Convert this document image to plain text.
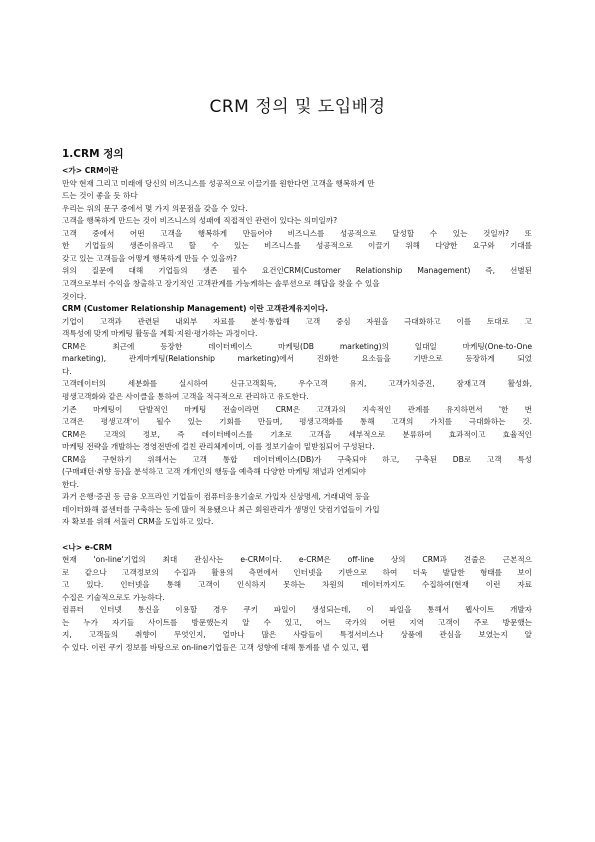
CRM 정의 및 도입배경
1.CRM 정의
<가> CRM이란
만약 현재 그리고 미래에 당신의 비즈니스를 성공적으로 이끌기를 원한다면 고객을 행복하게 만
드는 것이 좋을 듯 하다
우리는 위의 문구 중에서 몇 가지 의문점을 갖을 수 있다.
고객을 행복하게 만드는 것이 비즈니스의 성패에 직접적인 관련이 있다는 의미일까?
고객 중에서 어떤 고객을 행복하게 만들어야 비즈니스를 성공적으로 달성할 수 있는 것일까? 또
한 기업들의 생존이유라고 할 수 있는 비즈니스를 성공적으로 이끌기 위해 다양한 요구와 기대를
갖고 있는 고객들을 어떻게 행복하게 만들 수 있을까?
위의 질문에 대해 기업들의 생존 필수 요건인CRM(Customer Relationship Management) 즉, 선별된
고객으로부터 수익을 창출하고 장기적인 고객관계를 가능케하는 솔루션으로 해답을 찾을 수 있을
것이다.
CRM (Customer Relationship Management) 이란 고객관계유지이다.
기업이 고객과 관련된 내외부 자료를 분석·통합해 고객 중심 자원을 극대화하고 이를 토대로 고
객특성에 맞게 마케팅 활동을 계획·지원·평가하는 과정이다.
CRM은 최근에 등장한 데이터베이스 마케팅(DB marketing)의 일대일 마케팅(One-to-One
marketing), 관계마케팅(Relationship marketing)에서 진화한 요소들을 기반으로 등장하게 되었
다.
고객데이터의 세분화를 실시하여 신규고객획득, 우수고객 유지, 고객가치증진, 잠재고객 활성화,
평생고객화와 같은 사이클을 통하여 고객을 적극적으로 관리하고 유도한다.
기존 마케팅이 단발적인 마케팅 전술이라면 CRM은 고객과의 지속적인 관계를 유지하면서 '한 번
고객은 평생고객'이 될수 있는 기회를 만들며, 평생고객화를 통해 고객의 가치를 극대화하는 것.
CRM은 고객의 정보, 즉 데이터베이스를 기초로 고객을 세부적으로 분류하여 효과적이고 효율적인
마케팅 전략을 개발하는 경영전반에 걸친 관리체계이며, 이를 정보기술이 밑받침되어 구성된다.
CRM을 구현하기 위해서는 고객 통합 데이터베이스(DB)가 구축되야 하고, 구축된 DB로 고객 특성
(구매패턴·취향 등)을 분석하고 고객 개개인의 행동을 예측해 다양한 마케팅 채널과 연계되야
한다.
과거 은행·증권 등 금융 오프라인 기업들이 컴퓨터응용기술로 가입자 신상명세, 거래내역 등을
데이터화해 콜센터를 구축하는 등에 많이 적용됐으나 최근 회원관리가 생명인 닷컴기업들이 가입
자 확보를 위해 서둘러 CRM을 도입하고 있다.
<나> e-CRM
현재 'on-line'기업의 최대 관심사는 e-CRM이다. e-CRM은 off-line 상의 CRM과 견줄은 근본적으
로 같으나 고객정보의 수집과 활용의 측면에서 인터넷을 기반으로 하여 더욱 발달한 형태를 보이
고 있다. 인터넷을 통해 고객이 인식하지 못하는 차원의 데이터까지도 수집하여(현재 이런 자료
수집은 기술적으로도 가능하다.
컴퓨터 인터넷 통신을 이용할 경우 쿠키 파일이 생성되는데, 이 파일을 통해서 웹사이트 개발자
는 누가 자기들 사이트를 방문했는지 알 수 있고, 어느 국가의 어떤 지역 고객이 주로 방문했는
지, 고객들의 취향이 무엇인지, 얼마나 많은 사람들이 특정서비스나 상품에 관심을 보였는지 알
수 있다. 이런 쿠키 정보를 바탕으로 on-line기업들은 고객 성향에 대해 통계를 낼 수 있고, 웹
